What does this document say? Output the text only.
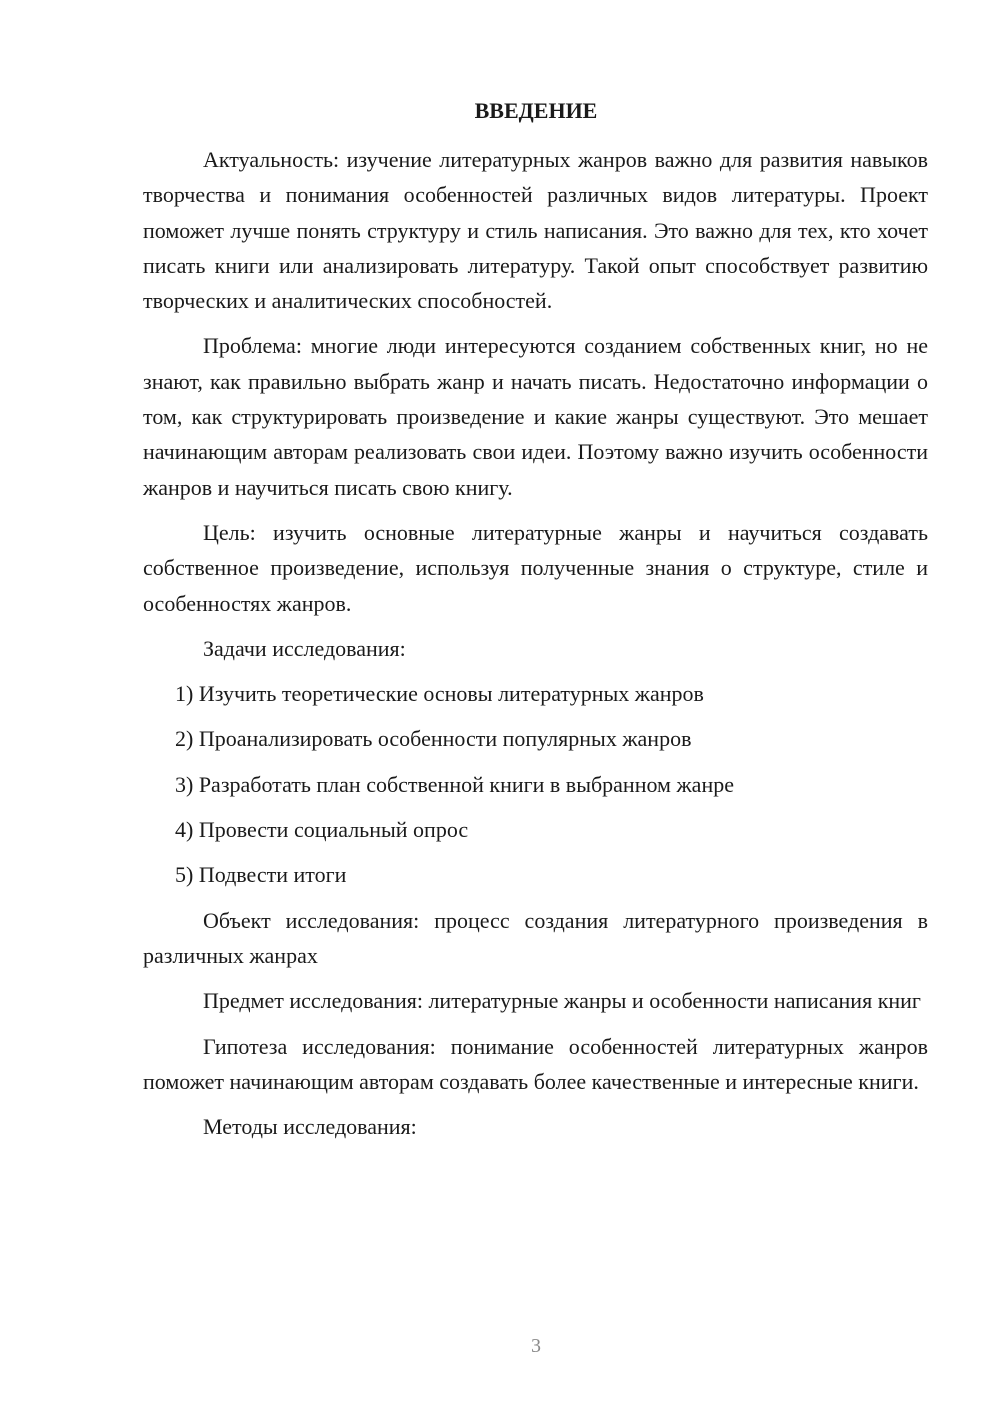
ВВЕДЕНИЕ

Актуальность: изучение литературных жанров важно для развития навыков творчества и понимания особенностей различных видов литературы. Проект поможет лучше понять структуру и стиль написания. Это важно для тех, кто хочет писать книги или анализировать литературу. Такой опыт способствует развитию творческих и аналитических способностей.

Проблема: многие люди интересуются созданием собственных книг, но не знают, как правильно выбрать жанр и начать писать. Недостаточно информации о том, как структурировать произведение и какие жанры существуют. Это мешает начинающим авторам реализовать свои идеи. Поэтому важно изучить особенности жанров и научиться писать свою книгу.

Цель: изучить основные литературные жанры и научиться создавать собственное произведение, используя полученные знания о структуре, стиле и особенностях жанров.

Задачи исследования:

1) Изучить теоретические основы литературных жанров
2) Проанализировать особенности популярных жанров
3) Разработать план собственной книги в выбранном жанре
4) Провести социальный опрос
5) Подвести итоги

Объект исследования: процесс создания литературного произведения в различных жанрах

Предмет исследования: литературные жанры и особенности написания книг

Гипотеза исследования: понимание особенностей литературных жанров поможет начинающим авторам создавать более качественные и интересные книги.

Методы исследования:

3
